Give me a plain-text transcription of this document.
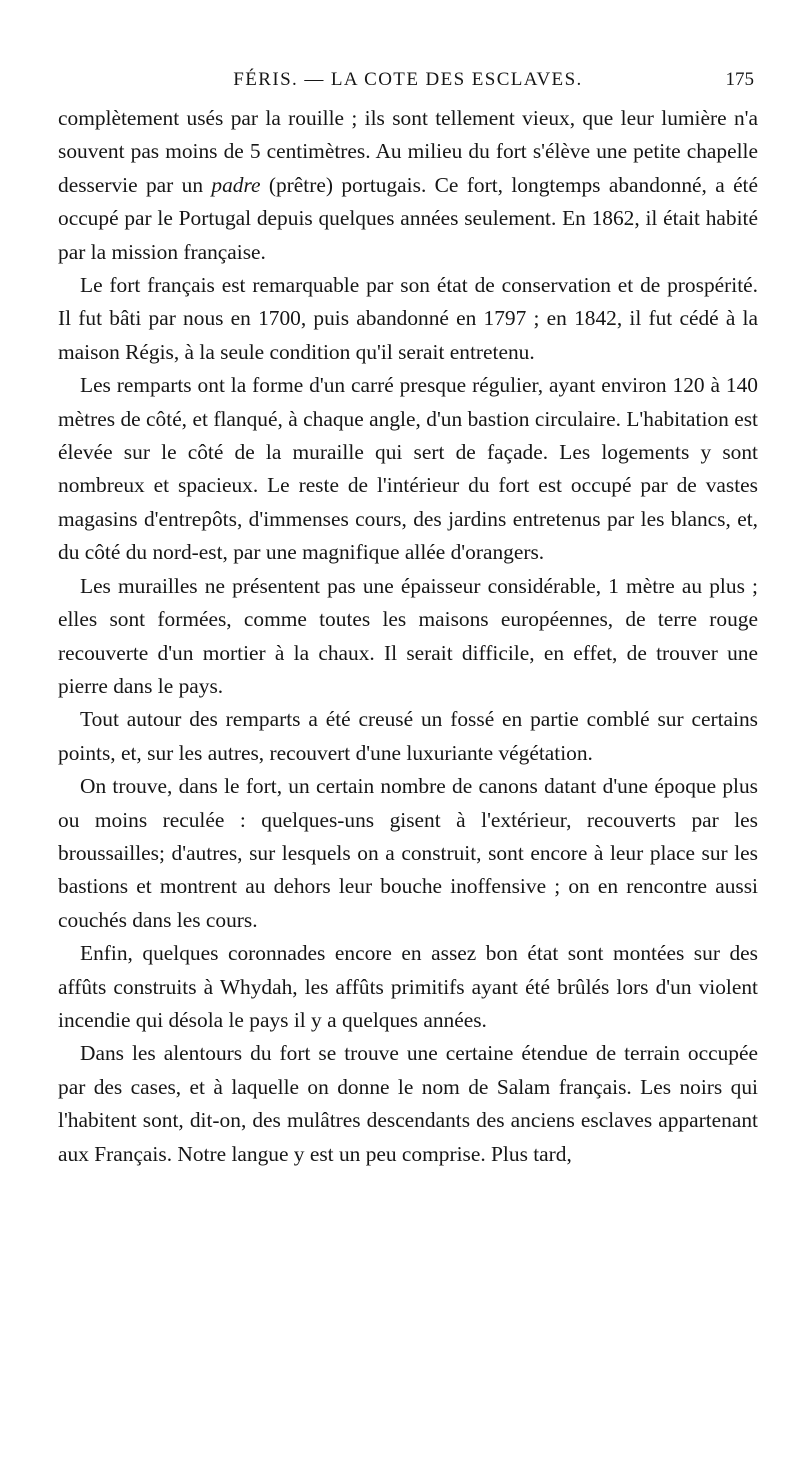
FÉRIS. — LA COTE DES ESCLAVES.	175

complètement usés par la rouille ; ils sont tellement vieux, que leur lumière n'a souvent pas moins de 5 centimètres. Au milieu du fort s'élève une petite chapelle desservie par un padre (prêtre) portugais. Ce fort, longtemps abandonné, a été occupé par le Portugal depuis quelques années seulement. En 1862, il était habité par la mission française.

Le fort français est remarquable par son état de conservation et de prospérité. Il fut bâti par nous en 1700, puis abandonné en 1797 ; en 1842, il fut cédé à la maison Régis, à la seule condition qu'il serait entretenu.

Les remparts ont la forme d'un carré presque régulier, ayant environ 120 à 140 mètres de côté, et flanqué, à chaque angle, d'un bastion circulaire. L'habitation est élevée sur le côté de la muraille qui sert de façade. Les logements y sont nombreux et spacieux. Le reste de l'intérieur du fort est occupé par de vastes magasins d'entrepôts, d'immenses cours, des jardins entretenus par les blancs, et, du côté du nord-est, par une magnifique allée d'orangers.

Les murailles ne présentent pas une épaisseur considérable, 1 mètre au plus ; elles sont formées, comme toutes les maisons européennes, de terre rouge recouverte d'un mortier à la chaux. Il serait difficile, en effet, de trouver une pierre dans le pays.

Tout autour des remparts a été creusé un fossé en partie comblé sur certains points, et, sur les autres, recouvert d'une luxuriante végétation.

On trouve, dans le fort, un certain nombre de canons datant d'une époque plus ou moins reculée : quelques-uns gisent à l'extérieur, recouverts par les broussailles; d'autres, sur lesquels on a construit, sont encore à leur place sur les bastions et montrent au dehors leur bouche inoffensive ; on en rencontre aussi couchés dans les cours.

Enfin, quelques coronnades encore en assez bon état sont montées sur des affûts construits à Whydah, les affûts primitifs ayant été brûlés lors d'un violent incendie qui désola le pays il y a quelques années.

Dans les alentours du fort se trouve une certaine étendue de terrain occupée par des cases, et à laquelle on donne le nom de Salam français. Les noirs qui l'habitent sont, dit-on, des mulâtres descendants des anciens esclaves appartenant aux Français. Notre langue y est un peu comprise. Plus tard,
